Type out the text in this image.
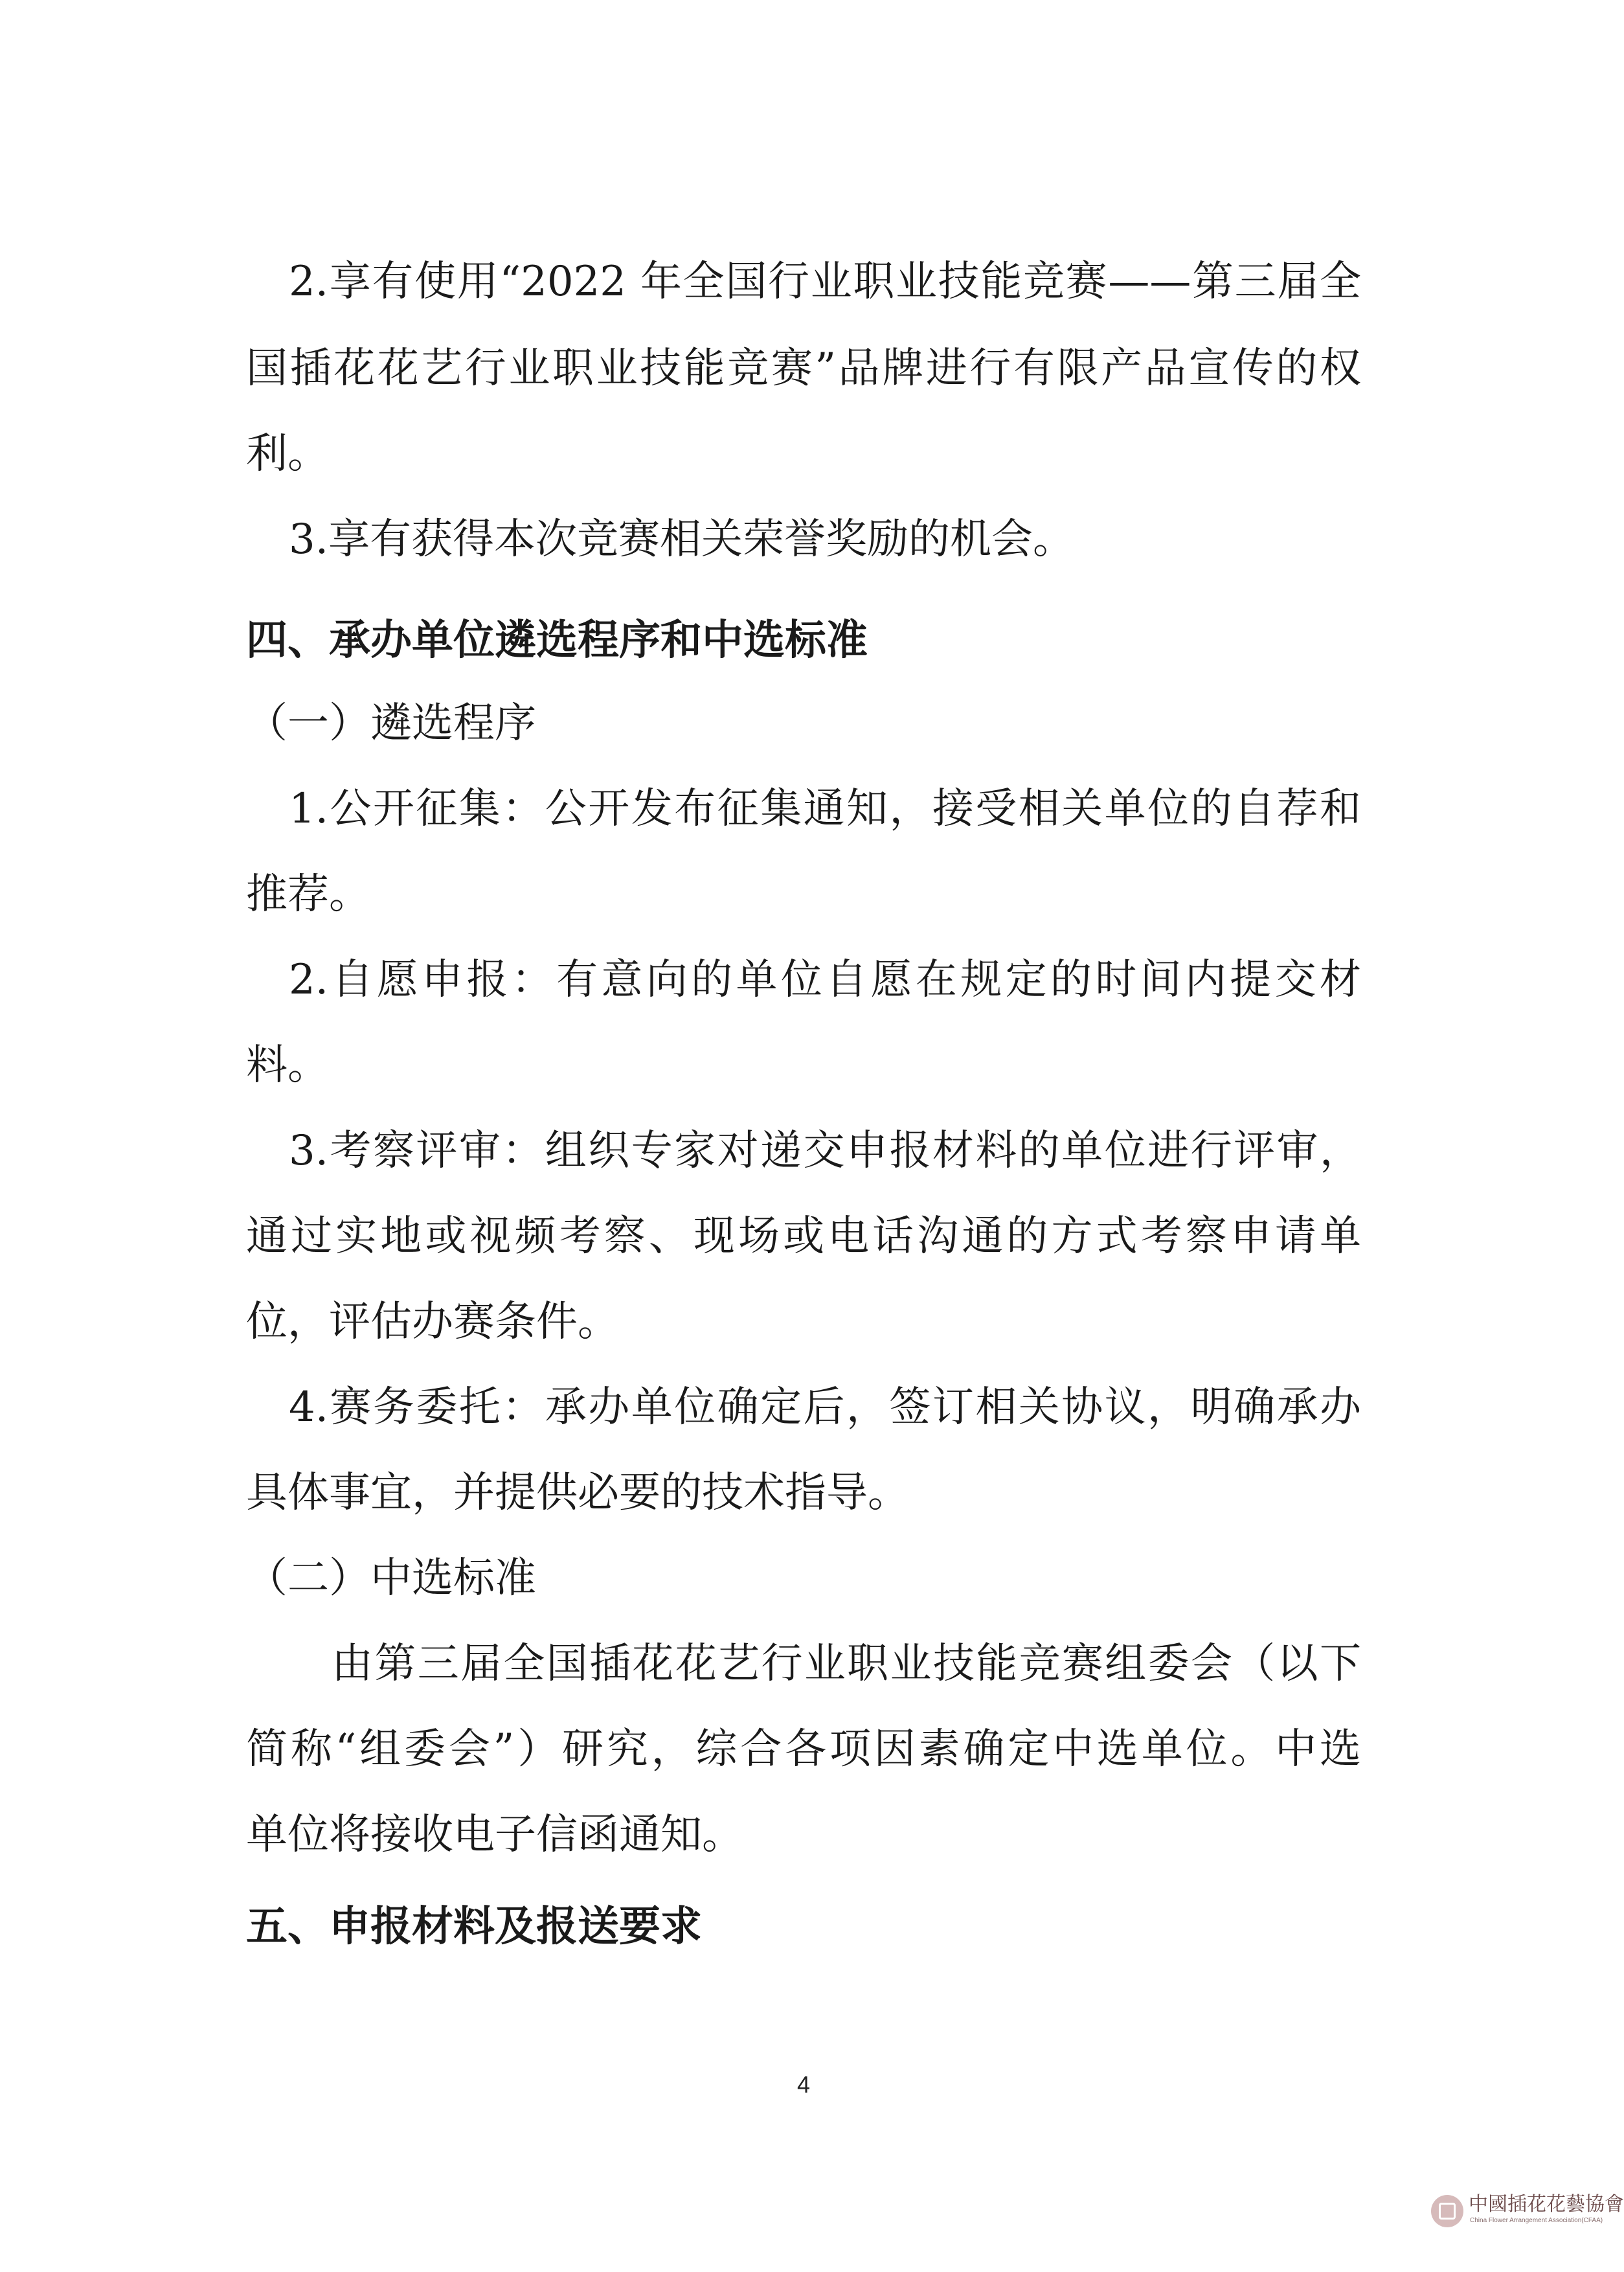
2.享有使用“2022 年全国行业职业技能竞赛——第三届全
国插花花艺行业职业技能竞赛”品牌进行有限产品宣传的权
利。
3.享有获得本次竞赛相关荣誉奖励的机会。
四、承办单位遴选程序和中选标准
（一）遴选程序
1.公开征集：公开发布征集通知，接受相关单位的自荐和
推荐。
2.自愿申报：有意向的单位自愿在规定的时间内提交材
料。
3.考察评审：组织专家对递交申报材料的单位进行评审，
通过实地或视频考察、现场或电话沟通的方式考察申请单
位，评估办赛条件。
4.赛务委托：承办单位确定后，签订相关协议，明确承办
具体事宜，并提供必要的技术指导。
（二）中选标准
由第三届全国插花花艺行业职业技能竞赛组委会（以下
简称“组委会”）研究，综合各项因素确定中选单位。中选
单位将接收电子信函通知。
五、申报材料及报送要求
4
中國插花花藝協會
China Flower Arrangement Association(CFAA)
